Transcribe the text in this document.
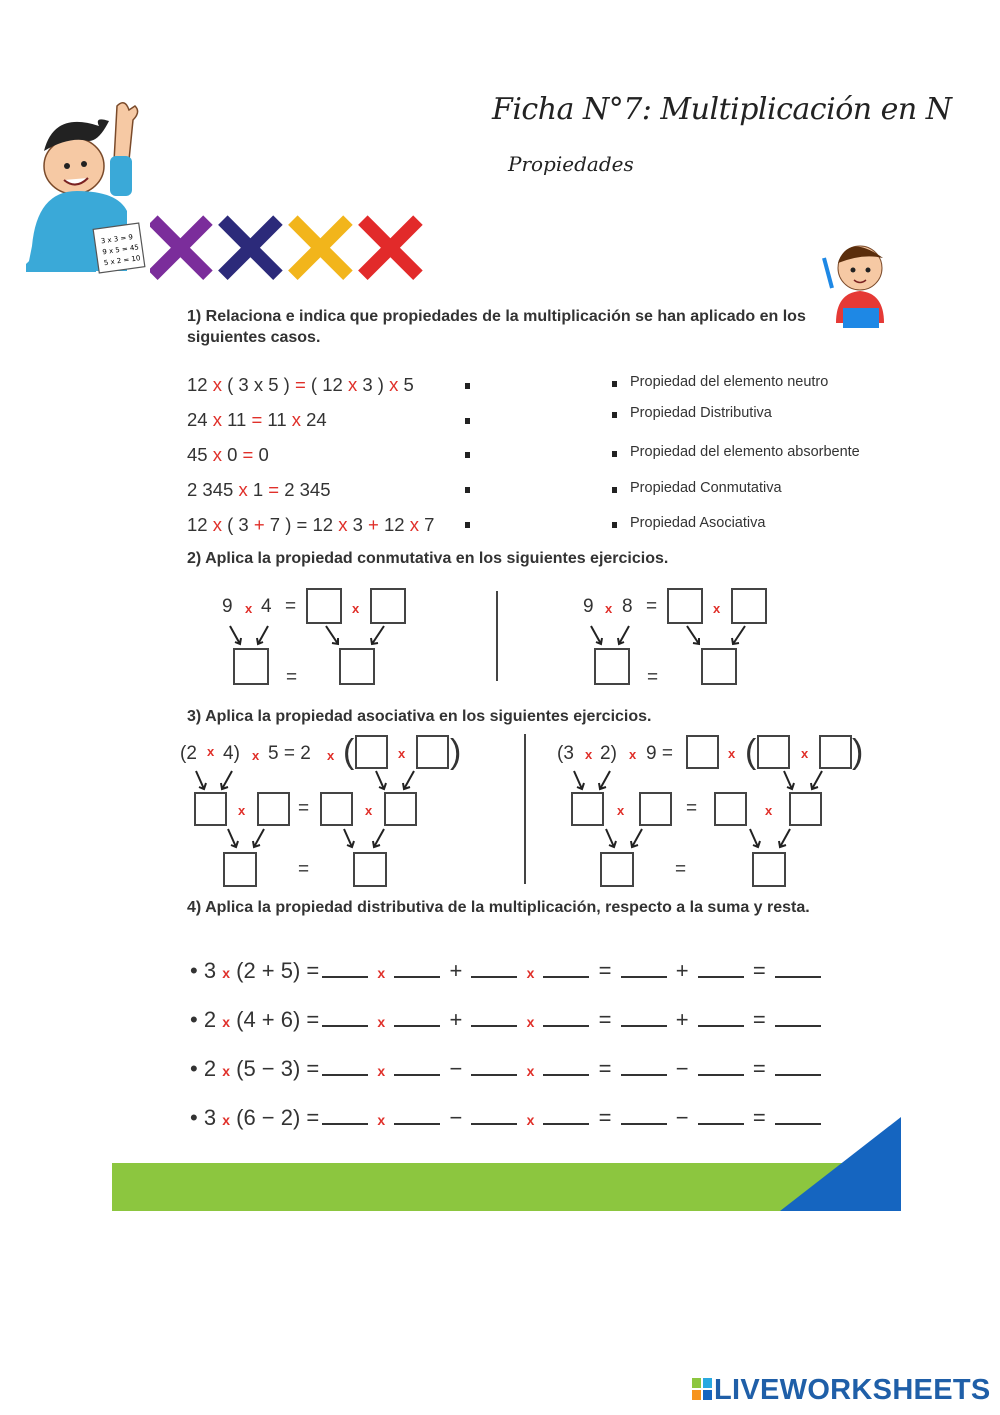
Ficha N°7: Multiplicación en N
Propiedades
3 x 3 = 9
9 x 5 = 45
5 x 2 = 10
1) Relaciona e indica que propiedades de la multiplicación se han aplicado en los siguientes casos.
12 x ( 3 x 5 ) = ( 12 x 3 ) x 5
24 x 11 = 11 x 24
45 x 0 = 0
2 345 x 1 = 2 345
12 x ( 3 + 7 ) = 12 x 3 + 12 x 7
Propiedad del elemento neutro
Propiedad Distributiva
Propiedad del elemento absorbente
Propiedad Conmutativa
Propiedad Asociativa
2) Aplica la propiedad conmutativa en los siguientes ejercicios.
9 x 4 =	x
=
9 x 8 =	x
=
3) Aplica la propiedad asociativa en los siguientes ejercicios.
(2 x 4) x 5 = 2 x (	x )
x	=	x
=
(3 x 2) x 9 =	x (	x )
x	=	x
=
4) Aplica la propiedad distributiva de la multiplicación, respecto a la suma y resta.
• 3 x (2 + 5) =	x	+	x	=	+	=
• 2 x (4 + 6) =	x	+	x	=	+	=
• 2 x (5 − 3) =	x	−	x	=	−	=
• 3 x (6 − 2) =	x	−	x	=	−	=
LIVEWORKSHEETS
